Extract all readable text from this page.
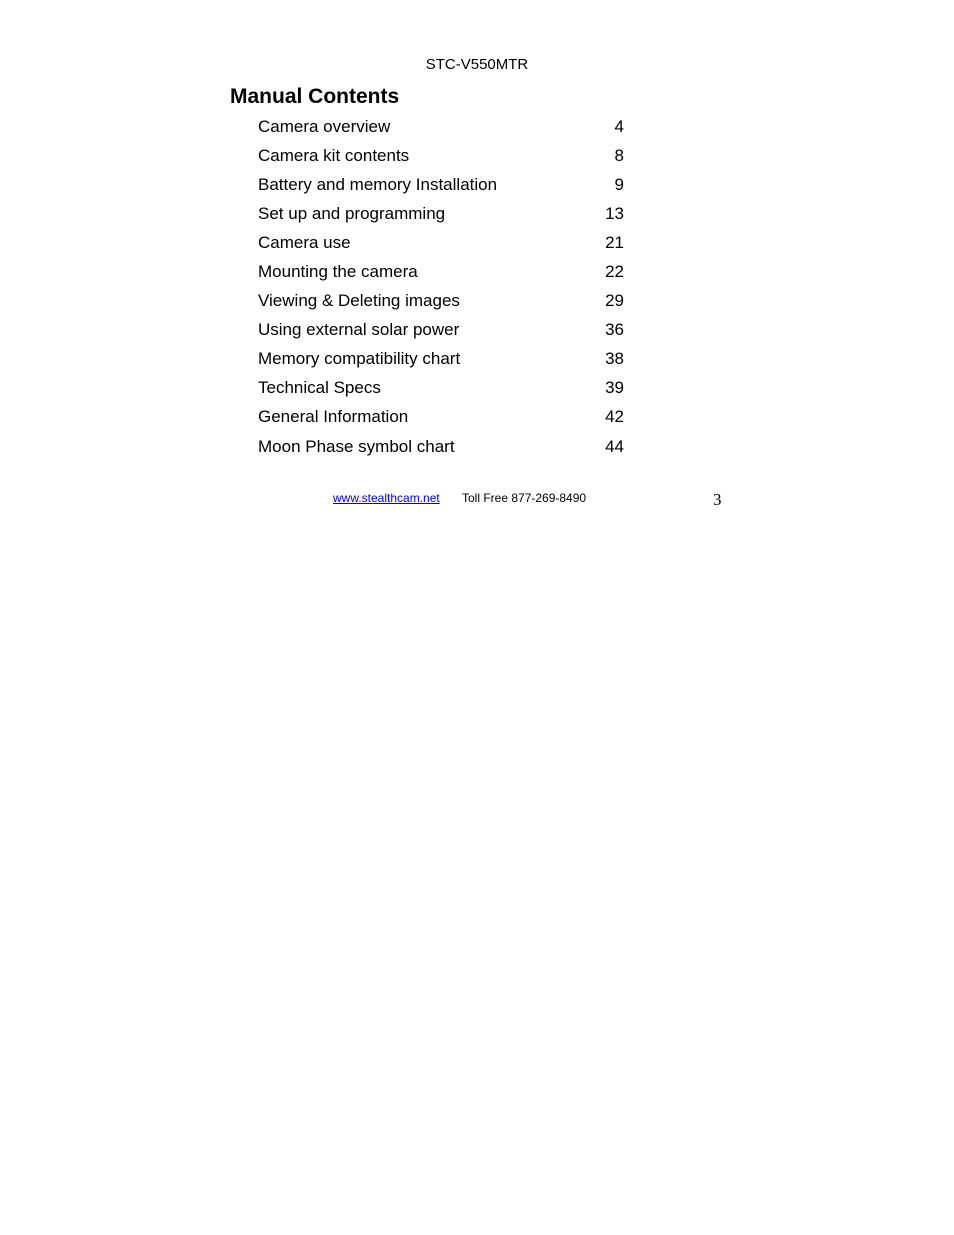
STC-V550MTR
Manual Contents
Camera overview	4
Camera kit contents	8
Battery and memory Installation	9
Set up and programming	13
Camera use	21
Mounting the camera	22
Viewing & Deleting images	29
Using external solar power	36
Memory compatibility chart	38
Technical Specs	39
General Information	42
Moon Phase symbol chart	44
www.stealthcam.net Toll Free 877-269-8490	3
